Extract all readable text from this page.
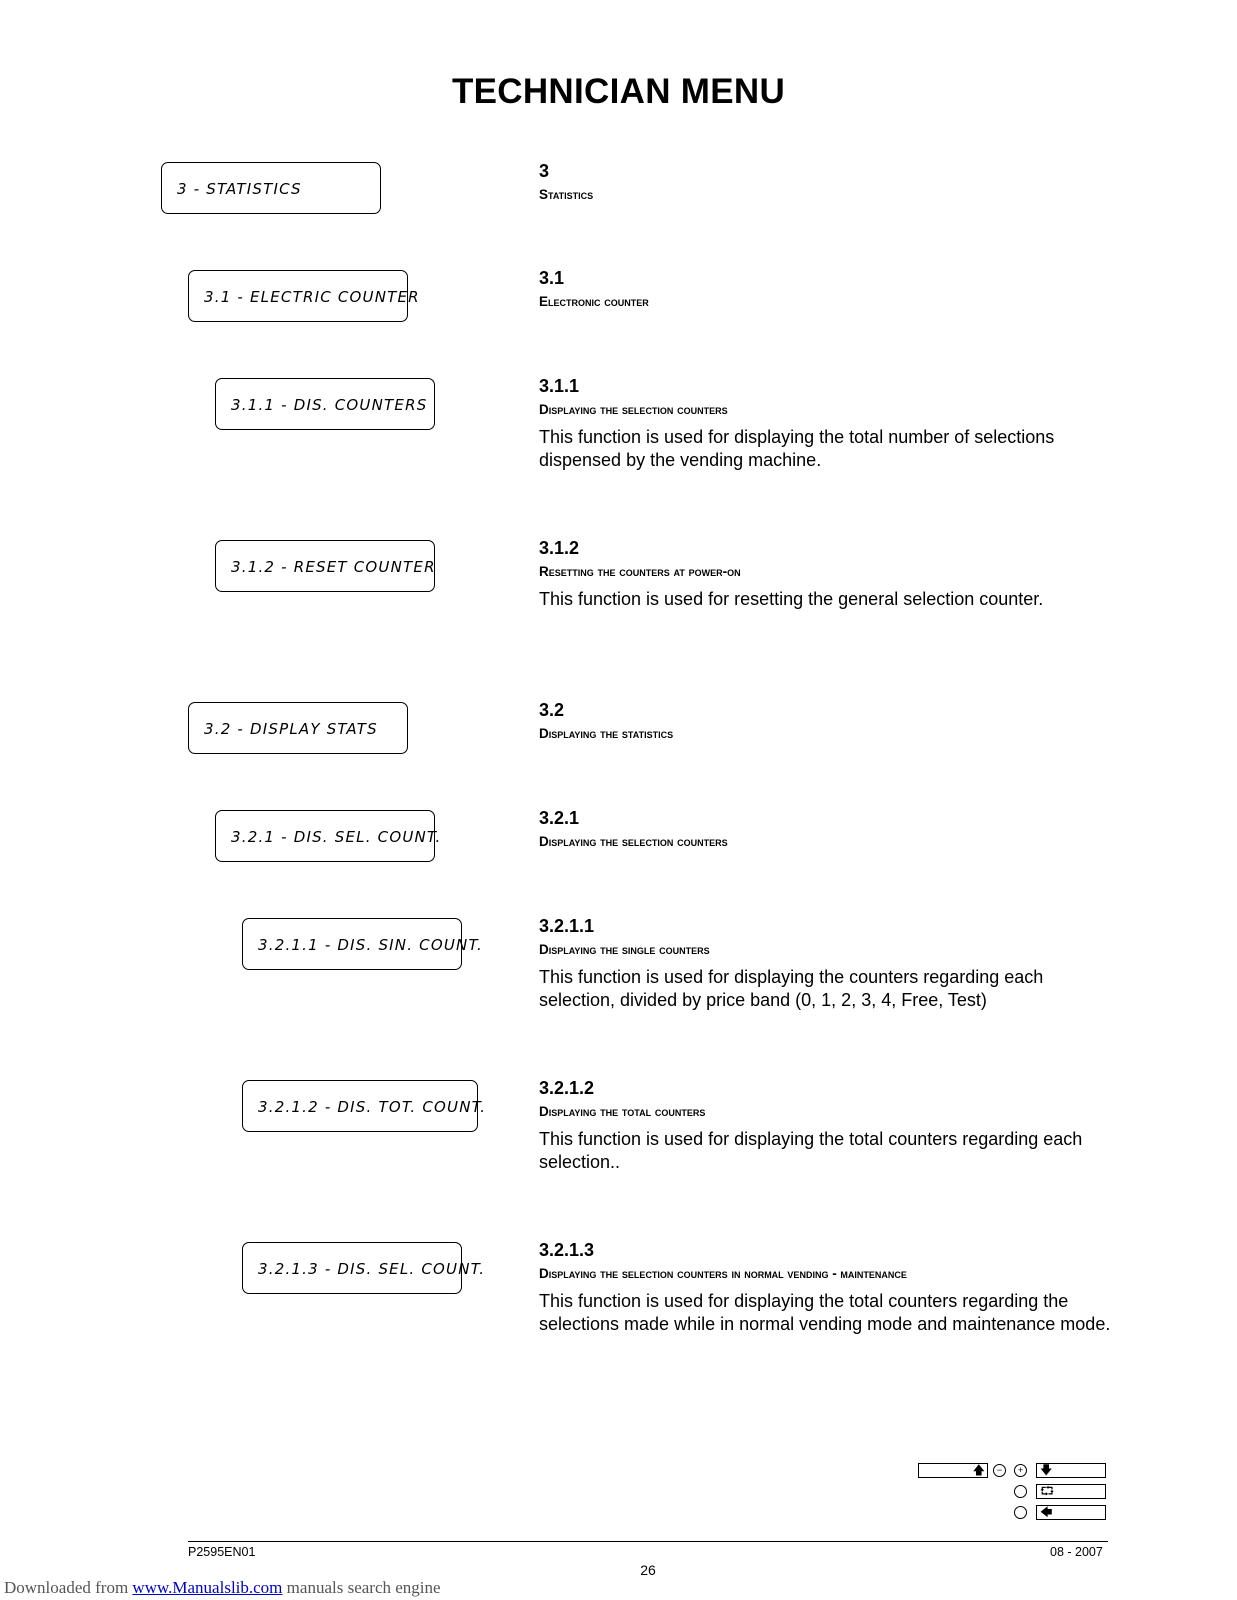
TECHNICIAN MENU
3 - STATISTICS
3
Statistics
3.1 - ELECTRIC COUNTER
3.1
Electronic counter
3.1.1 - DIS. COUNTERS
3.1.1
Displaying the selection counters
This function is used for displaying the total number of selections dispensed by the vending machine.
3.1.2 - RESET COUNTER
3.1.2
Resetting the counters at power-on
This function is used for resetting the general selection counter.
3.2 - DISPLAY STATS
3.2
Displaying the statistics
3.2.1 - DIS. SEL. COUNT.
3.2.1
Displaying the selection counters
3.2.1.1 - DIS. SIN. COUNT.
3.2.1.1
Displaying the single counters
This function is used for displaying the counters regarding each selection, divided by price band (0, 1, 2, 3, 4, Free, Test)
3.2.1.2 - DIS. TOT. COUNT.
3.2.1.2
Displaying the total counters
This function is used for displaying the total counters regarding each selection..
3.2.1.3 - DIS. SEL. COUNT.
3.2.1.3
Displaying the selection counters in normal vending - maintenance
This function is used for displaying the total counters regarding the selections made while in normal vending mode and maintenance mode.
🡅	−	+	🡇
⮔
🡄
P2595EN01	08 - 2007
26
Downloaded from www.Manualslib.com manuals search engine
